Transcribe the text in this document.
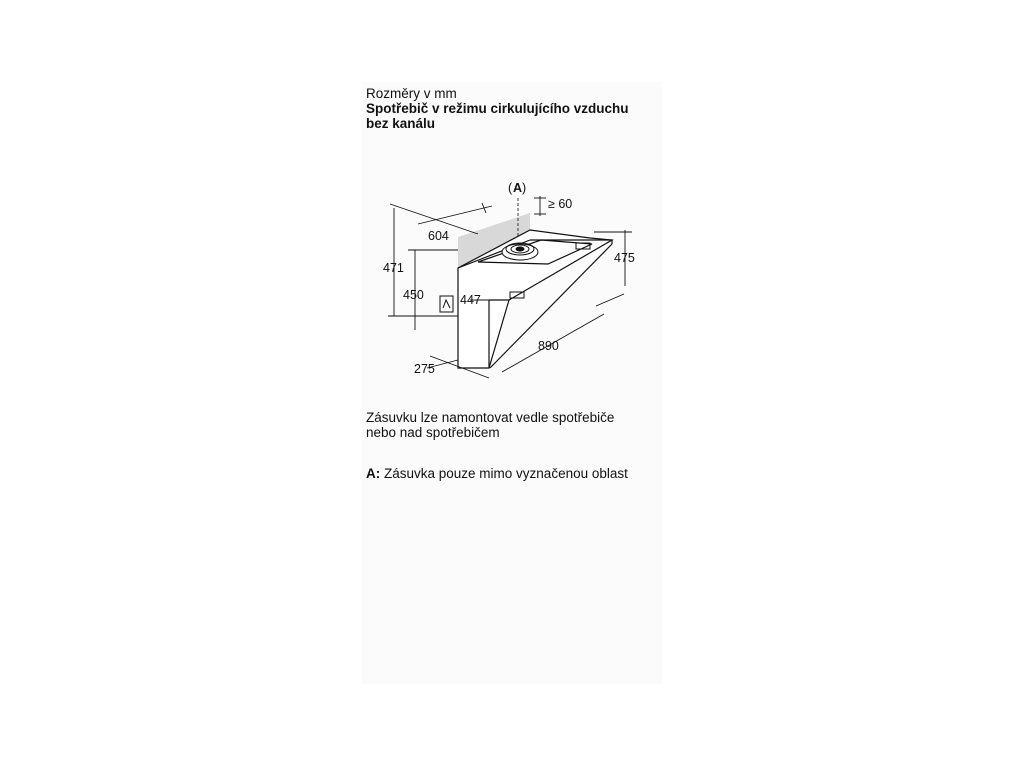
Rozměry v mm
Spotřebič v režimu cirkulujícího vzduchu
bez kanálu
( A )
≥ 60
604
475
471
450	447
890
275
Zásuvku lze namontovat vedle spotřebiče
nebo nad spotřebičem
A: Zásuvka pouze mimo vyznačenou oblast
